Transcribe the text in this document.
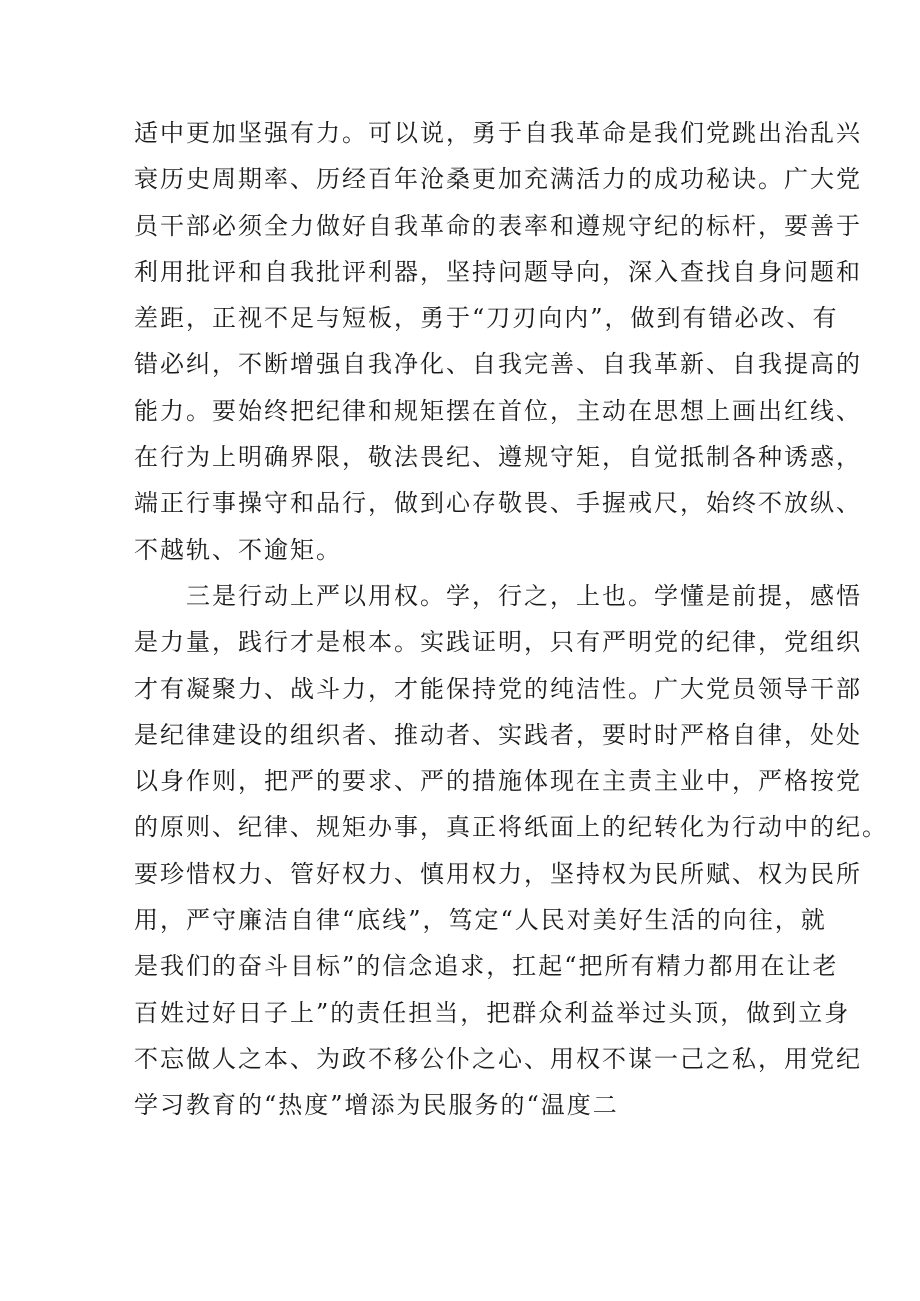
适中更加坚强有力。可以说，勇于自我革命是我们党跳出治乱兴
衰历史周期率、历经百年沧桑更加充满活力的成功秘诀。广大党
员干部必须全力做好自我革命的表率和遵规守纪的标杆，要善于
利用批评和自我批评利器，坚持问题导向，深入查找自身问题和
差距，正视不足与短板，勇于“刀刃向内”，做到有错必改、有
错必纠，不断增强自我净化、自我完善、自我革新、自我提高的
能力。要始终把纪律和规矩摆在首位，主动在思想上画出红线、
在行为上明确界限，敬法畏纪、遵规守矩，自觉抵制各种诱惑，
端正行事操守和品行，做到心存敬畏、手握戒尺，始终不放纵、
不越轨、不逾矩。
三是行动上严以用权。学，行之，上也。学懂是前提，感悟
是力量，践行才是根本。实践证明，只有严明党的纪律，党组织
才有凝聚力、战斗力，才能保持党的纯洁性。广大党员领导干部
是纪律建设的组织者、推动者、实践者，要时时严格自律，处处
以身作则，把严的要求、严的措施体现在主责主业中，严格按党
的原则、纪律、规矩办事，真正将纸面上的纪转化为行动中的纪。
要珍惜权力、管好权力、慎用权力，坚持权为民所赋、权为民所
用，严守廉洁自律“底线”，笃定“人民对美好生活的向往，就
是我们的奋斗目标”的信念追求，扛起“把所有精力都用在让老
百姓过好日子上”的责任担当，把群众利益举过头顶，做到立身
不忘做人之本、为政不移公仆之心、用权不谋一己之私，用党纪
学习教育的“热度”增添为民服务的“温度二
